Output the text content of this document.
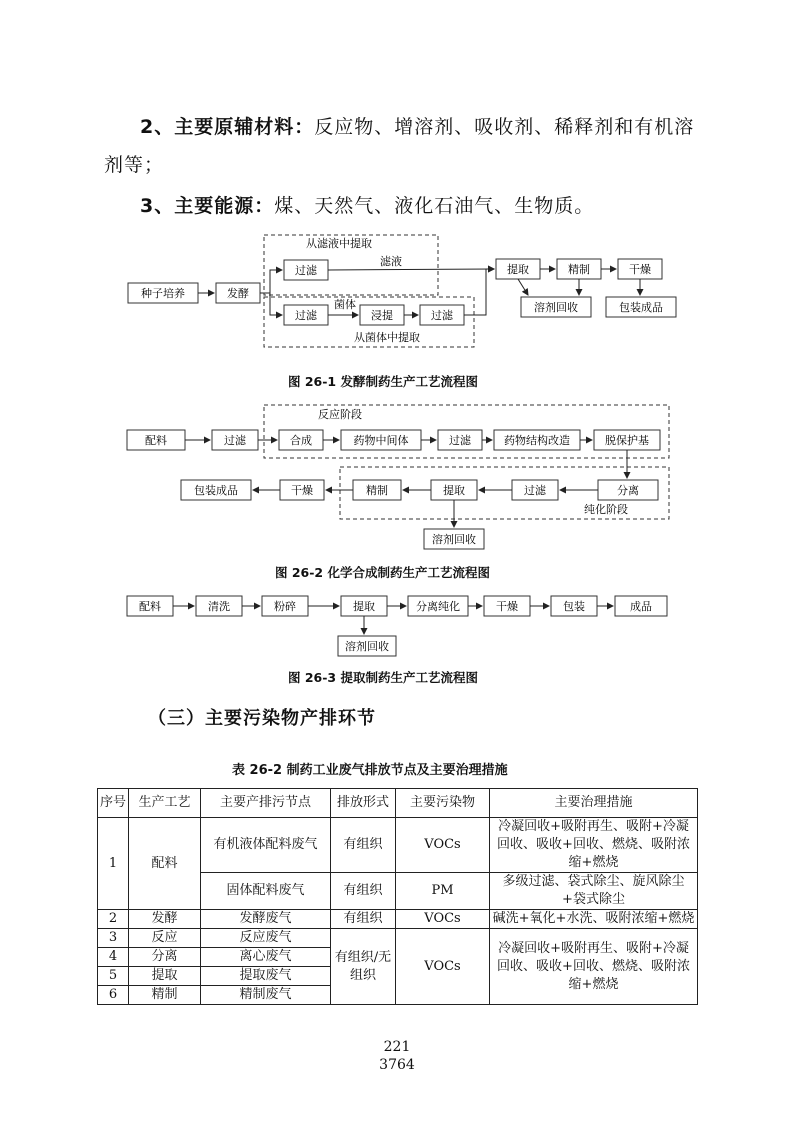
2、主要原辅材料：反应物、增溶剂、吸收剂、稀释剂和有机溶
剂等；
3、主要能源：煤、天然气、液化石油气、生物质。
从滤液中提取
从菌体中提取
滤液
菌体
种子培养	发酵
过滤
过滤	浸提	过滤
提取	精制	干燥
溶剂回收	包装成品
图 26-1 发酵制药生产工艺流程图
反应阶段
纯化阶段
配料	过滤	合成	药物中间体	过滤	药物结构改造	脱保护基
分离
过滤
提取
精制
干燥
包装成品
溶剂回收
图 26-2 化学合成制药生产工艺流程图
配料	清洗	粉碎	提取	分离纯化	干燥	包装	成品
溶剂回收
图 26-3 提取制药生产工艺流程图
（三）主要污染物产排环节
表 26-2 制药工业废气排放节点及主要治理措施
序号	生产工艺	主要产排污节点	排放形式	主要污染物	主要治理措施
1	配料	有机液体配料废气	有组织	VOCs	冷凝回收+吸附再生、吸附+冷凝回收、吸收+回收、燃烧、吸附浓缩+燃烧
		固体配料废气	有组织	PM	多级过滤、袋式除尘、旋风除尘+袋式除尘
2	发酵	发酵废气	有组织	VOCs	碱洗+氧化+水洗、吸附浓缩+燃烧
3	反应	反应废气	有组织/无组织	VOCs	冷凝回收+吸附再生、吸附+冷凝回收、吸收+回收、燃烧、吸附浓缩+燃烧
4	分离	离心废气			
5	提取	提取废气			
6	精制	精制废气			
221
3764
